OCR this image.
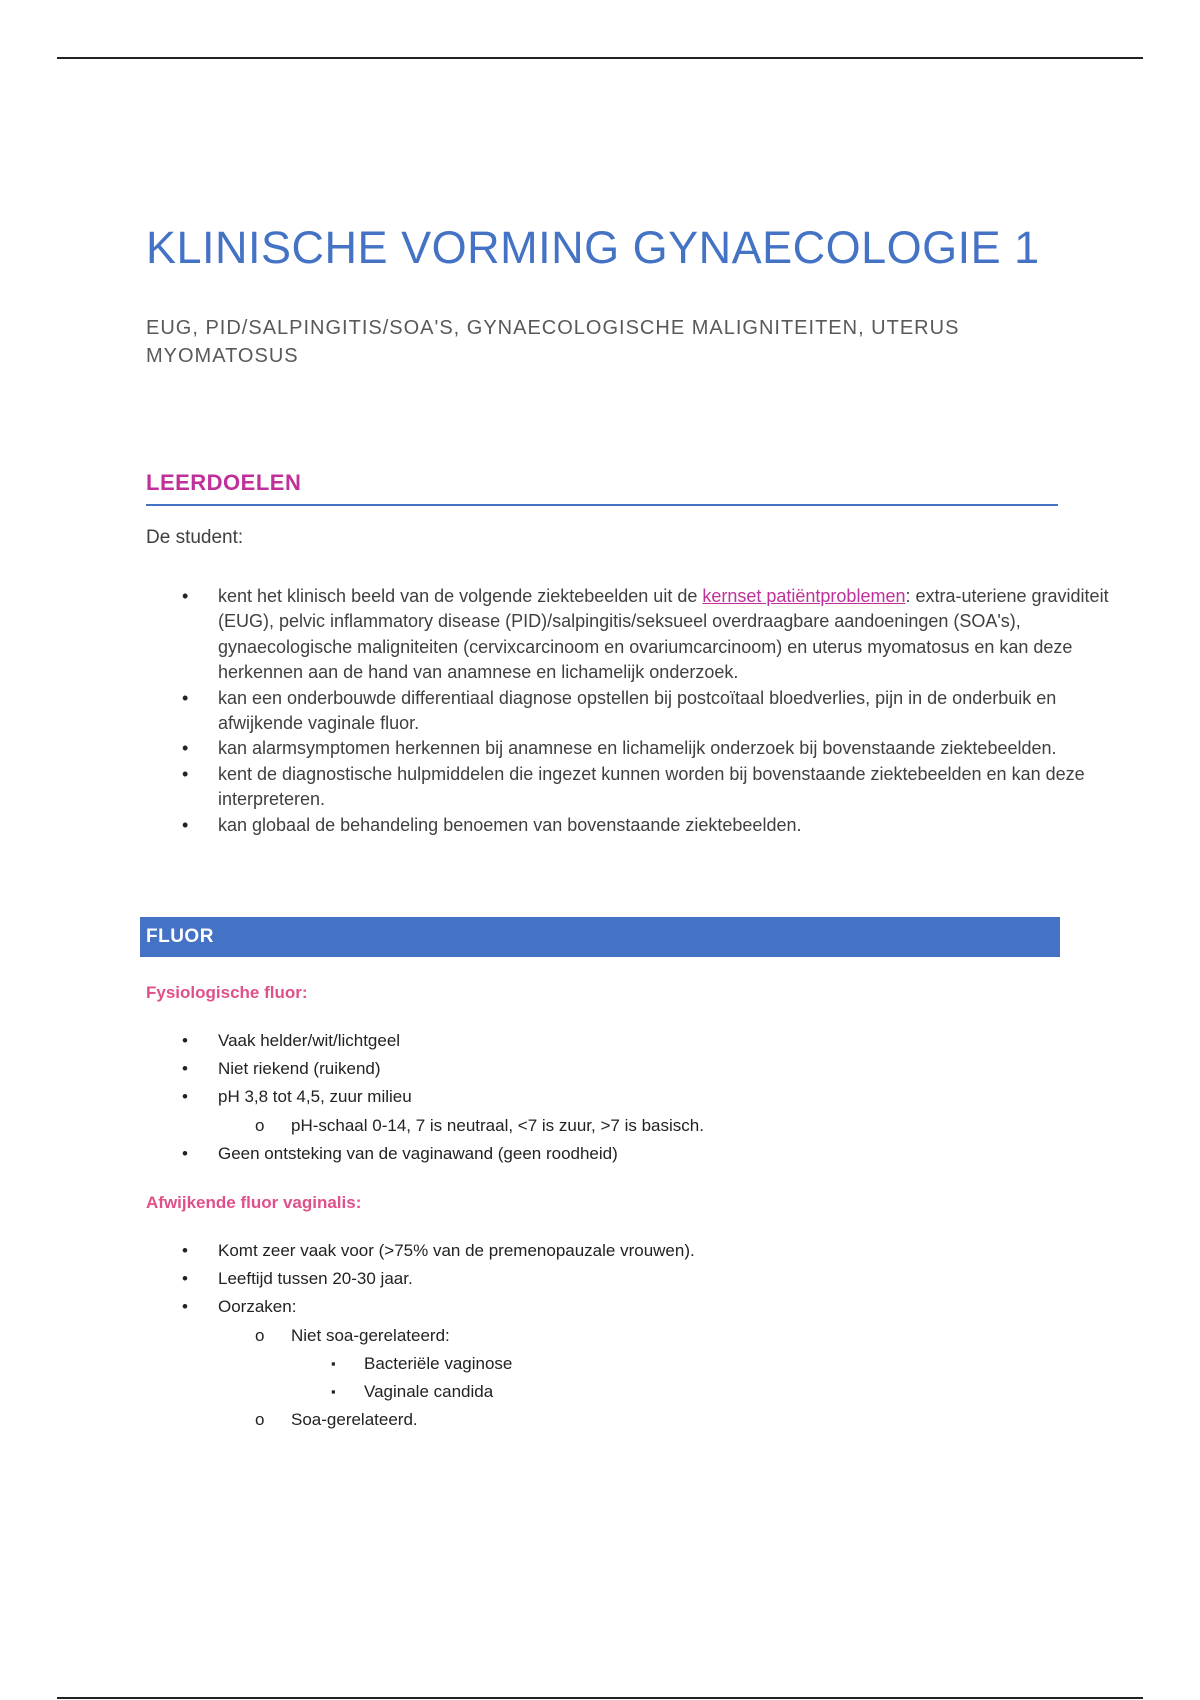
KLINISCHE VORMING GYNAECOLOGIE 1

EUG, PID/SALPINGITIS/SOA'S, GYNAECOLOGISCHE MALIGNITEITEN, UTERUS MYOMATOSUS

LEERDOELEN

De student:

• kent het klinisch beeld van de volgende ziektebeelden uit de kernset patiëntproblemen: extra-uteriene graviditeit (EUG), pelvic inflammatory disease (PID)/salpingitis/seksueel overdraagbare aandoeningen (SOA's), gynaecologische maligniteiten (cervixcarcinoom en ovariumcarcinoom) en uterus myomatosus en kan deze herkennen aan de hand van anamnese en lichamelijk onderzoek.
• kan een onderbouwde differentiaal diagnose opstellen bij postcoïtaal bloedverlies, pijn in de onderbuik en afwijkende vaginale fluor.
• kan alarmsymptomen herkennen bij anamnese en lichamelijk onderzoek bij bovenstaande ziektebeelden.
• kent de diagnostische hulpmiddelen die ingezet kunnen worden bij bovenstaande ziektebeelden en kan deze interpreteren.
• kan globaal de behandeling benoemen van bovenstaande ziektebeelden.
FLUOR
Fysiologische fluor:
• Vaak helder/wit/lichtgeel
• Niet riekend (ruikend)
• pH 3,8 tot 4,5, zuur milieu
o pH-schaal 0-14, 7 is neutraal, <7 is zuur, >7 is basisch.
• Geen ontsteking van de vaginawand (geen roodheid)
Afwijkende fluor vaginalis:
• Komt zeer vaak voor (>75% van de premenopauzale vrouwen).
• Leeftijd tussen 20-30 jaar.
• Oorzaken:
o Niet soa-gerelateerd:
▪ Bacteriële vaginose
▪ Vaginale candida
o Soa-gerelateerd.
